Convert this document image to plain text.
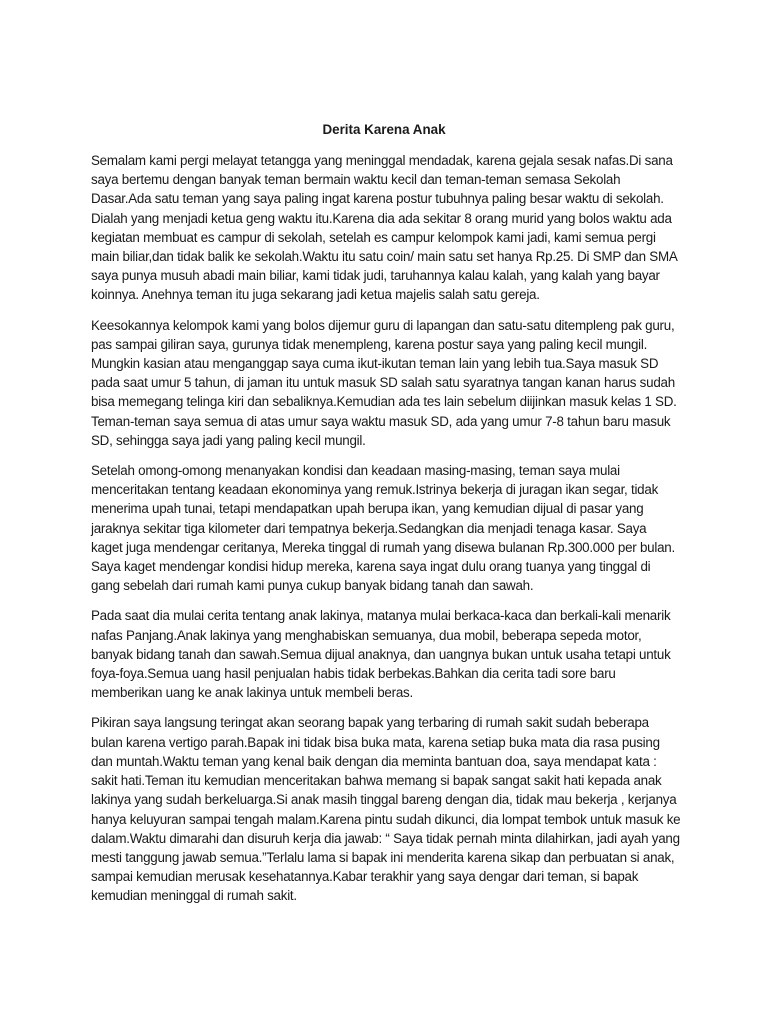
Derita Karena Anak

Semalam kami pergi melayat tetangga yang meninggal mendadak, karena gejala sesak nafas.Di sana saya bertemu dengan banyak teman bermain waktu kecil dan teman-teman semasa Sekolah Dasar.Ada satu teman yang saya paling ingat karena postur tubuhnya paling besar waktu di sekolah. Dialah yang menjadi ketua geng waktu itu.Karena dia ada sekitar 8 orang murid yang bolos waktu ada kegiatan membuat es campur di sekolah, setelah es campur kelompok kami jadi, kami semua pergi main biliar,dan tidak balik ke sekolah.Waktu itu satu coin/ main satu set hanya Rp.25. Di SMP dan SMA saya punya musuh abadi main biliar, kami tidak judi, taruhannya kalau kalah, yang kalah yang bayar koinnya. Anehnya teman itu juga sekarang jadi ketua majelis salah satu gereja.

Keesokannya kelompok kami yang bolos dijemur guru di lapangan dan satu-satu ditempleng pak guru, pas sampai giliran saya, gurunya tidak menempleng, karena postur saya yang paling kecil mungil. Mungkin kasian atau menganggap saya cuma ikut-ikutan teman lain yang lebih tua.Saya masuk SD pada saat umur 5 tahun, di jaman itu untuk masuk SD salah satu syaratnya tangan kanan harus sudah bisa memegang telinga kiri dan sebaliknya.Kemudian ada tes lain sebelum diijinkan masuk kelas 1 SD. Teman-teman saya semua di atas umur saya waktu masuk SD, ada yang umur 7-8 tahun baru masuk SD, sehingga saya jadi yang paling kecil mungil.

Setelah omong-omong menanyakan kondisi dan keadaan masing-masing, teman saya mulai menceritakan tentang keadaan ekonominya yang remuk.Istrinya bekerja di juragan ikan segar, tidak menerima upah tunai, tetapi mendapatkan upah berupa ikan, yang kemudian dijual di pasar yang jaraknya sekitar tiga kilometer dari tempatnya bekerja.Sedangkan dia menjadi tenaga kasar. Saya kaget juga mendengar ceritanya, Mereka tinggal di rumah yang disewa bulanan Rp.300.000 per bulan. Saya kaget mendengar kondisi hidup mereka, karena saya ingat dulu orang tuanya yang tinggal di gang sebelah dari rumah kami punya cukup banyak bidang tanah dan sawah.

Pada saat dia mulai cerita tentang anak lakinya, matanya mulai berkaca-kaca dan berkali-kali menarik nafas Panjang.Anak lakinya yang menghabiskan semuanya, dua mobil, beberapa sepeda motor, banyak bidang tanah dan sawah.Semua dijual anaknya, dan uangnya bukan untuk usaha tetapi untuk foya-foya.Semua uang hasil penjualan habis tidak berbekas.Bahkan dia cerita tadi sore baru memberikan uang ke anak lakinya untuk membeli beras.

Pikiran saya langsung teringat akan seorang bapak yang terbaring di rumah sakit sudah beberapa bulan karena vertigo parah.Bapak ini tidak bisa buka mata, karena setiap buka mata dia rasa pusing dan muntah.Waktu teman yang kenal baik dengan dia meminta bantuan doa, saya mendapat kata : sakit hati.Teman itu kemudian menceritakan bahwa memang si bapak sangat sakit hati kepada anak lakinya yang sudah berkeluarga.Si anak masih tinggal bareng dengan dia, tidak mau bekerja , kerjanya hanya keluyuran sampai tengah malam.Karena pintu sudah dikunci, dia lompat tembok untuk masuk ke dalam.Waktu dimarahi dan disuruh kerja dia jawab: “ Saya tidak pernah minta dilahirkan, jadi ayah yang mesti tanggung jawab semua.”Terlalu lama si bapak ini menderita karena sikap dan perbuatan si anak, sampai kemudian merusak kesehatannya.Kabar terakhir yang saya dengar dari teman, si bapak kemudian meninggal di rumah sakit.
